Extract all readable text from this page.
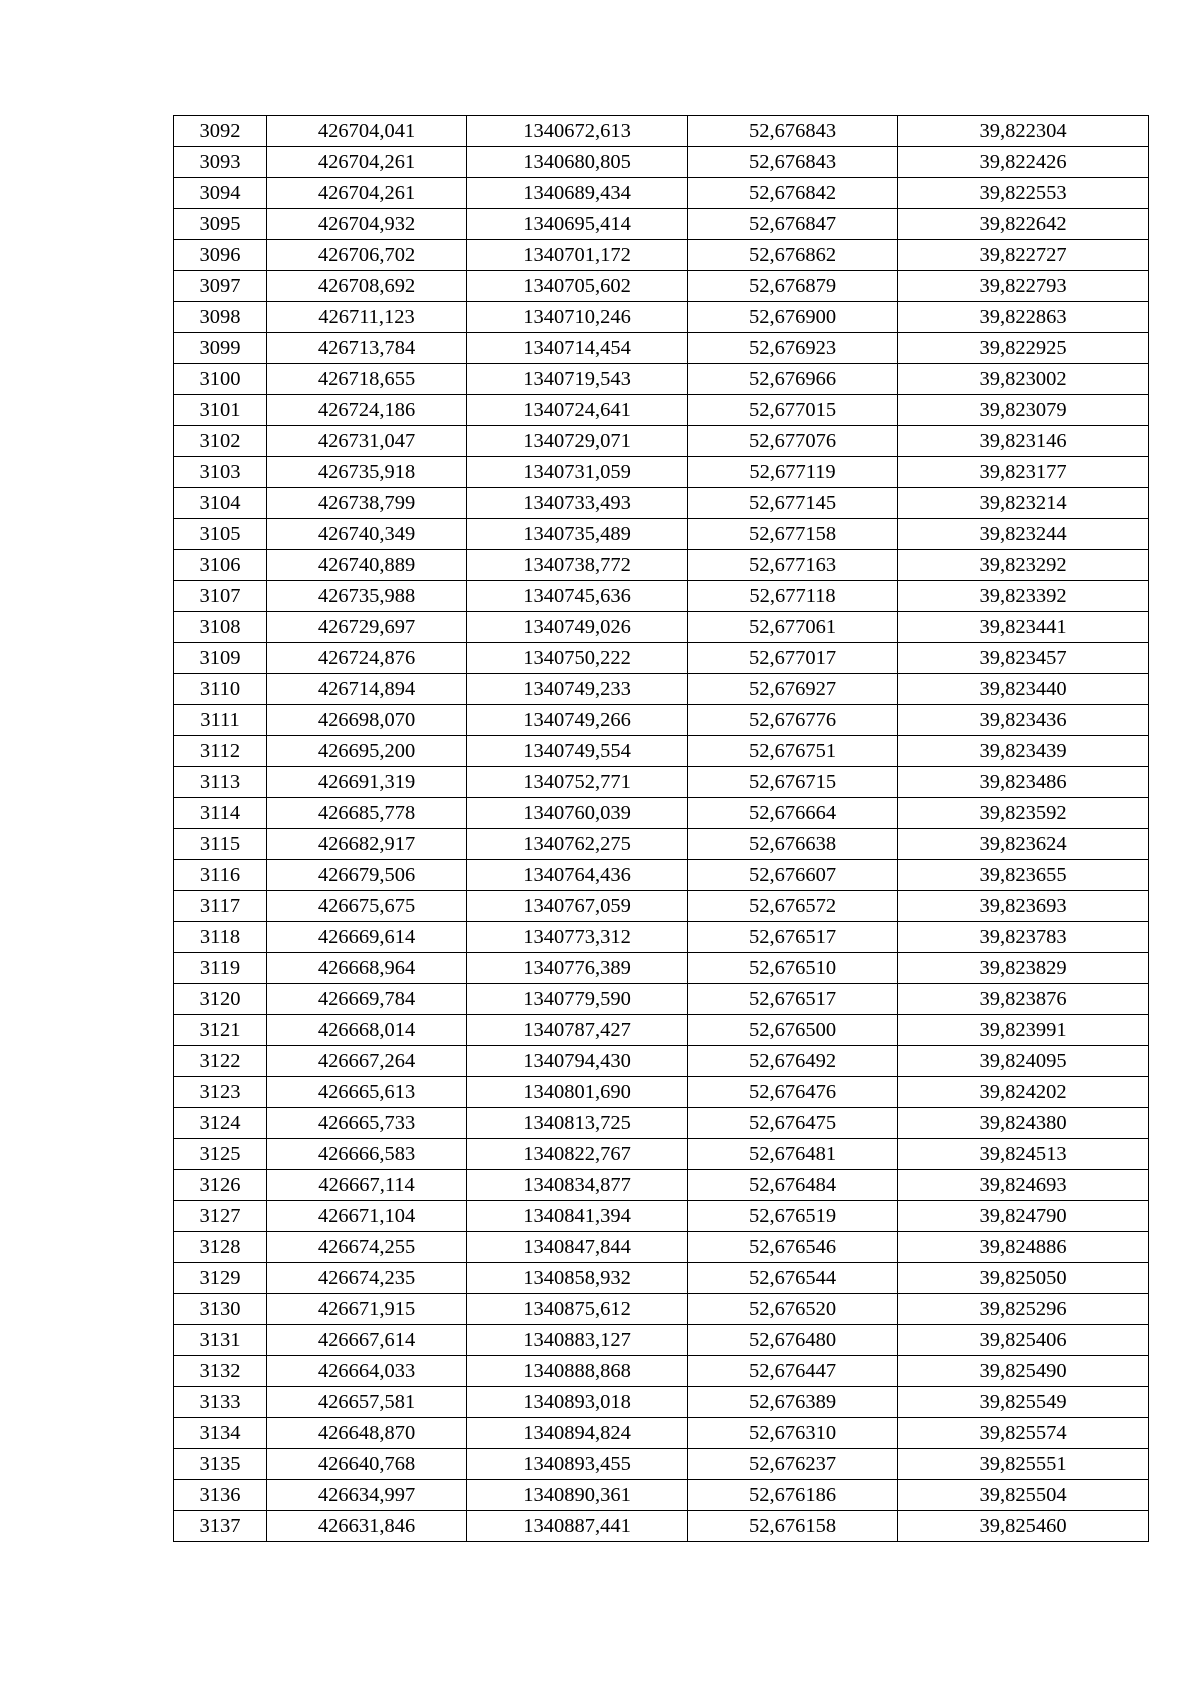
3092	426704,041	1340672,613	52,676843	39,822304
3093	426704,261	1340680,805	52,676843	39,822426
3094	426704,261	1340689,434	52,676842	39,822553
3095	426704,932	1340695,414	52,676847	39,822642
3096	426706,702	1340701,172	52,676862	39,822727
3097	426708,692	1340705,602	52,676879	39,822793
3098	426711,123	1340710,246	52,676900	39,822863
3099	426713,784	1340714,454	52,676923	39,822925
3100	426718,655	1340719,543	52,676966	39,823002
3101	426724,186	1340724,641	52,677015	39,823079
3102	426731,047	1340729,071	52,677076	39,823146
3103	426735,918	1340731,059	52,677119	39,823177
3104	426738,799	1340733,493	52,677145	39,823214
3105	426740,349	1340735,489	52,677158	39,823244
3106	426740,889	1340738,772	52,677163	39,823292
3107	426735,988	1340745,636	52,677118	39,823392
3108	426729,697	1340749,026	52,677061	39,823441
3109	426724,876	1340750,222	52,677017	39,823457
3110	426714,894	1340749,233	52,676927	39,823440
3111	426698,070	1340749,266	52,676776	39,823436
3112	426695,200	1340749,554	52,676751	39,823439
3113	426691,319	1340752,771	52,676715	39,823486
3114	426685,778	1340760,039	52,676664	39,823592
3115	426682,917	1340762,275	52,676638	39,823624
3116	426679,506	1340764,436	52,676607	39,823655
3117	426675,675	1340767,059	52,676572	39,823693
3118	426669,614	1340773,312	52,676517	39,823783
3119	426668,964	1340776,389	52,676510	39,823829
3120	426669,784	1340779,590	52,676517	39,823876
3121	426668,014	1340787,427	52,676500	39,823991
3122	426667,264	1340794,430	52,676492	39,824095
3123	426665,613	1340801,690	52,676476	39,824202
3124	426665,733	1340813,725	52,676475	39,824380
3125	426666,583	1340822,767	52,676481	39,824513
3126	426667,114	1340834,877	52,676484	39,824693
3127	426671,104	1340841,394	52,676519	39,824790
3128	426674,255	1340847,844	52,676546	39,824886
3129	426674,235	1340858,932	52,676544	39,825050
3130	426671,915	1340875,612	52,676520	39,825296
3131	426667,614	1340883,127	52,676480	39,825406
3132	426664,033	1340888,868	52,676447	39,825490
3133	426657,581	1340893,018	52,676389	39,825549
3134	426648,870	1340894,824	52,676310	39,825574
3135	426640,768	1340893,455	52,676237	39,825551
3136	426634,997	1340890,361	52,676186	39,825504
3137	426631,846	1340887,441	52,676158	39,825460
